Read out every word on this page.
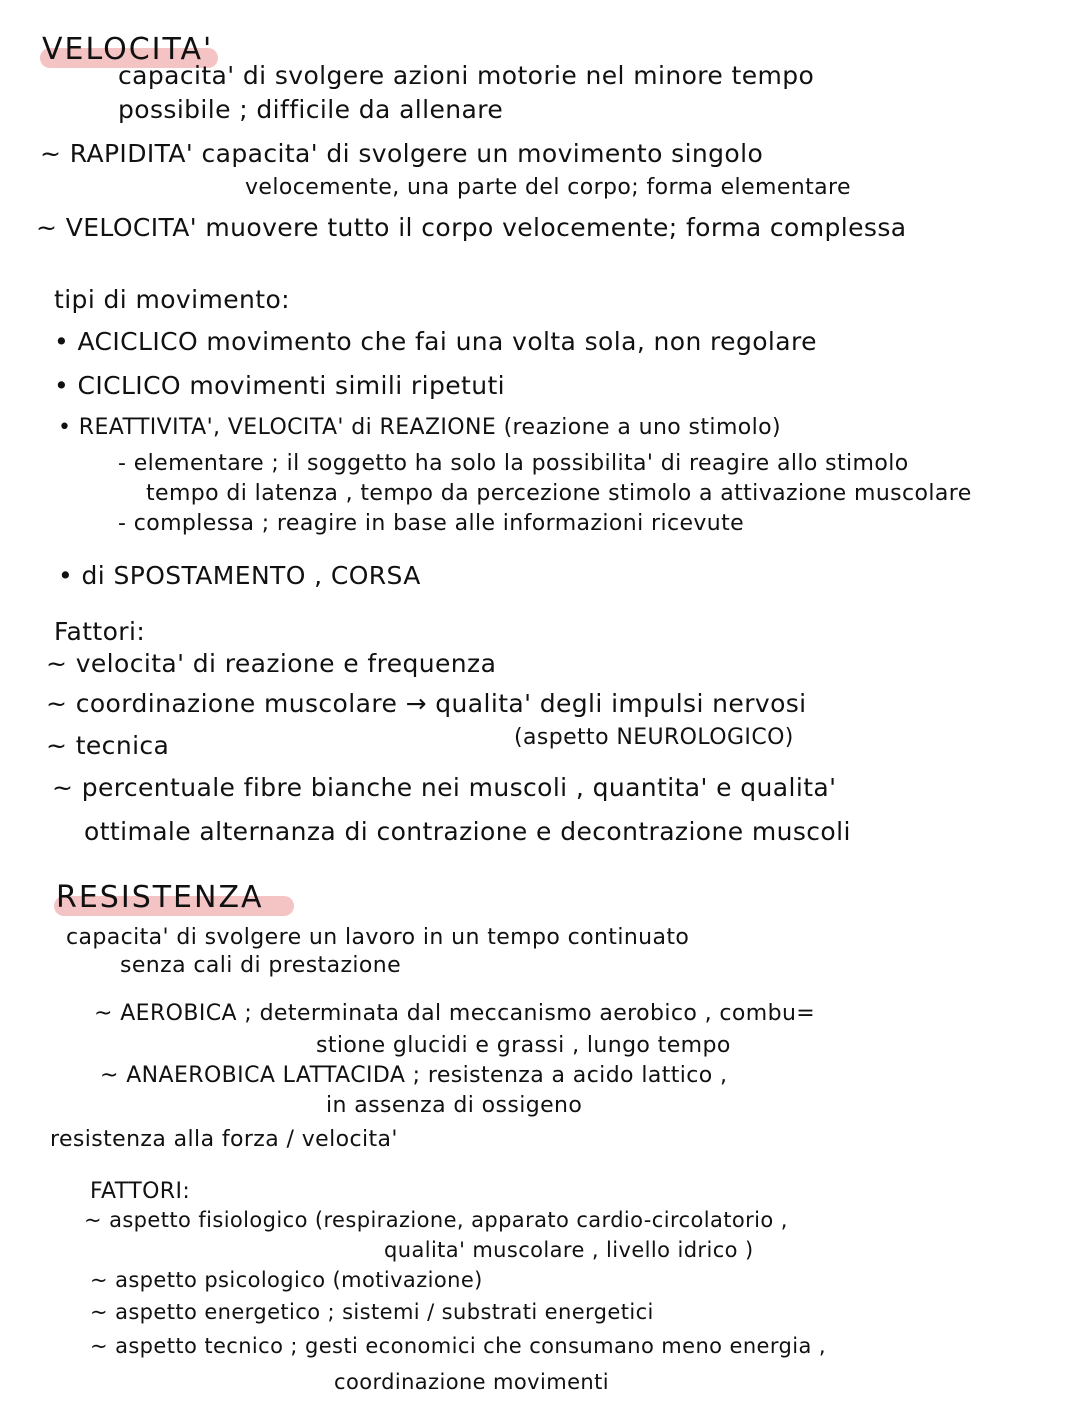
VELOCITA'
capacita' di svolgere azioni motorie nel minore tempo
possibile ; difficile da allenare
~ RAPIDITA' capacita' di svolgere un movimento singolo
velocemente, una parte del corpo; forma elementare
~ VELOCITA' muovere tutto il corpo velocemente; forma complessa
tipi di movimento:
• ACICLICO movimento che fai una volta sola, non regolare
• CICLICO movimenti simili ripetuti
• REATTIVITA', VELOCITA' di REAZIONE (reazione a uno stimolo)
- elementare ; il soggetto ha solo la possibilita' di reagire allo stimolo
tempo di latenza , tempo da percezione stimolo a attivazione muscolare
- complessa ; reagire in base alle informazioni ricevute
• di SPOSTAMENTO , CORSA
Fattori:
~ velocita' di reazione e frequenza
~ coordinazione muscolare → qualita' degli impulsi nervosi
~ tecnica	(aspetto NEUROLOGICO)
~ percentuale fibre bianche nei muscoli , quantita' e qualita'
ottimale alternanza di contrazione e decontrazione muscoli
RESISTENZA
capacita' di svolgere un lavoro in un tempo continuato
senza cali di prestazione
~ AEROBICA ; determinata dal meccanismo aerobico , combu=
stione glucidi e grassi , lungo tempo
~ ANAEROBICA LATTACIDA ; resistenza a acido lattico ,
in assenza di ossigeno
resistenza alla forza / velocita'
FATTORI:
~ aspetto fisiologico (respirazione, apparato cardio-circolatorio ,
qualita' muscolare , livello idrico )
~ aspetto psicologico (motivazione)
~ aspetto energetico ; sistemi / substrati energetici
~ aspetto tecnico ; gesti economici che consumano meno energia ,
coordinazione movimenti
